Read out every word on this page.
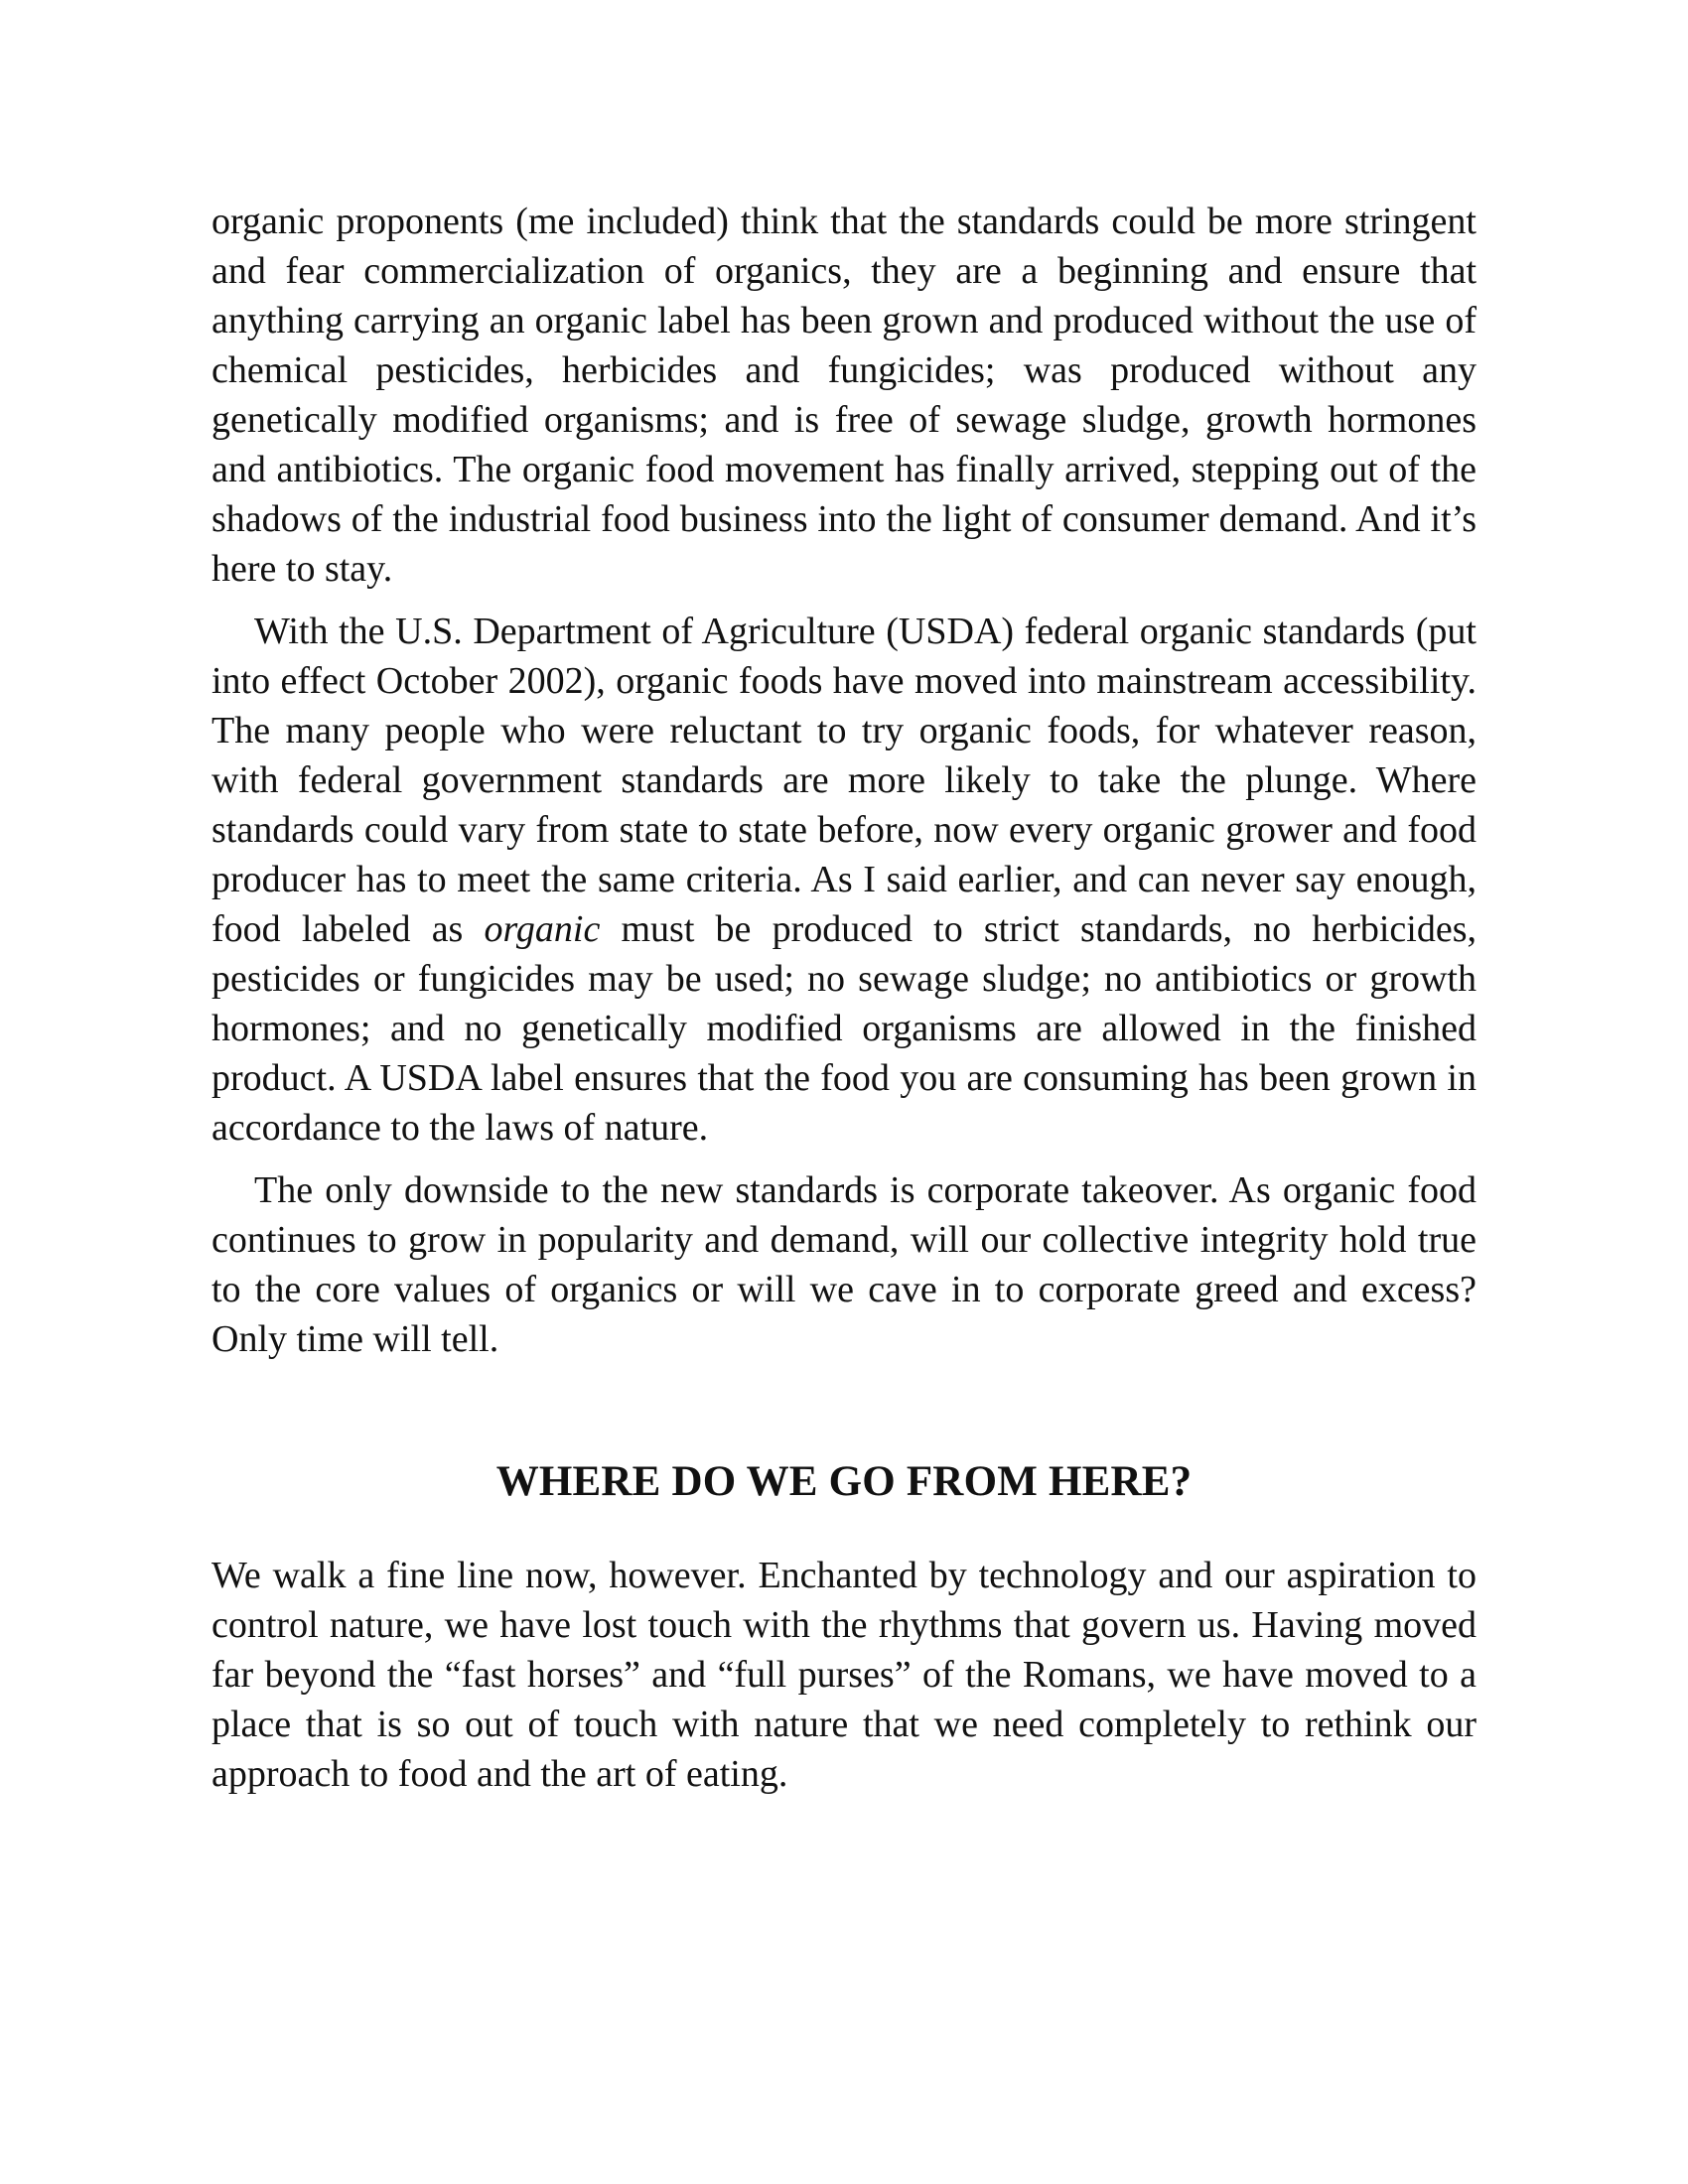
organic proponents (me included) think that the standards could be more stringent and fear commercialization of organics, they are a beginning and ensure that anything carrying an organic label has been grown and produced without the use of chemical pesticides, herbicides and fungicides; was produced without any genetically modified organisms; and is free of sewage sludge, growth hormones and antibiotics. The organic food movement has finally arrived, stepping out of the shadows of the industrial food business into the light of consumer demand. And it’s here to stay.

With the U.S. Department of Agriculture (USDA) federal organic standards (put into effect October 2002), organic foods have moved into mainstream accessibility. The many people who were reluctant to try organic foods, for whatever reason, with federal government standards are more likely to take the plunge. Where standards could vary from state to state before, now every organic grower and food producer has to meet the same criteria. As I said earlier, and can never say enough, food labeled as organic must be produced to strict standards, no herbicides, pesticides or fungicides may be used; no sewage sludge; no antibiotics or growth hormones; and no genetically modified organisms are allowed in the finished product. A USDA label ensures that the food you are consuming has been grown in accordance to the laws of nature.

The only downside to the new standards is corporate takeover. As organic food continues to grow in popularity and demand, will our collective integrity hold true to the core values of organics or will we cave in to corporate greed and excess? Only time will tell.

WHERE DO WE GO FROM HERE?

We walk a fine line now, however. Enchanted by technology and our aspiration to control nature, we have lost touch with the rhythms that govern us. Having moved far beyond the “fast horses” and “full purses” of the Romans, we have moved to a place that is so out of touch with nature that we need completely to rethink our approach to food and the art of eating.
